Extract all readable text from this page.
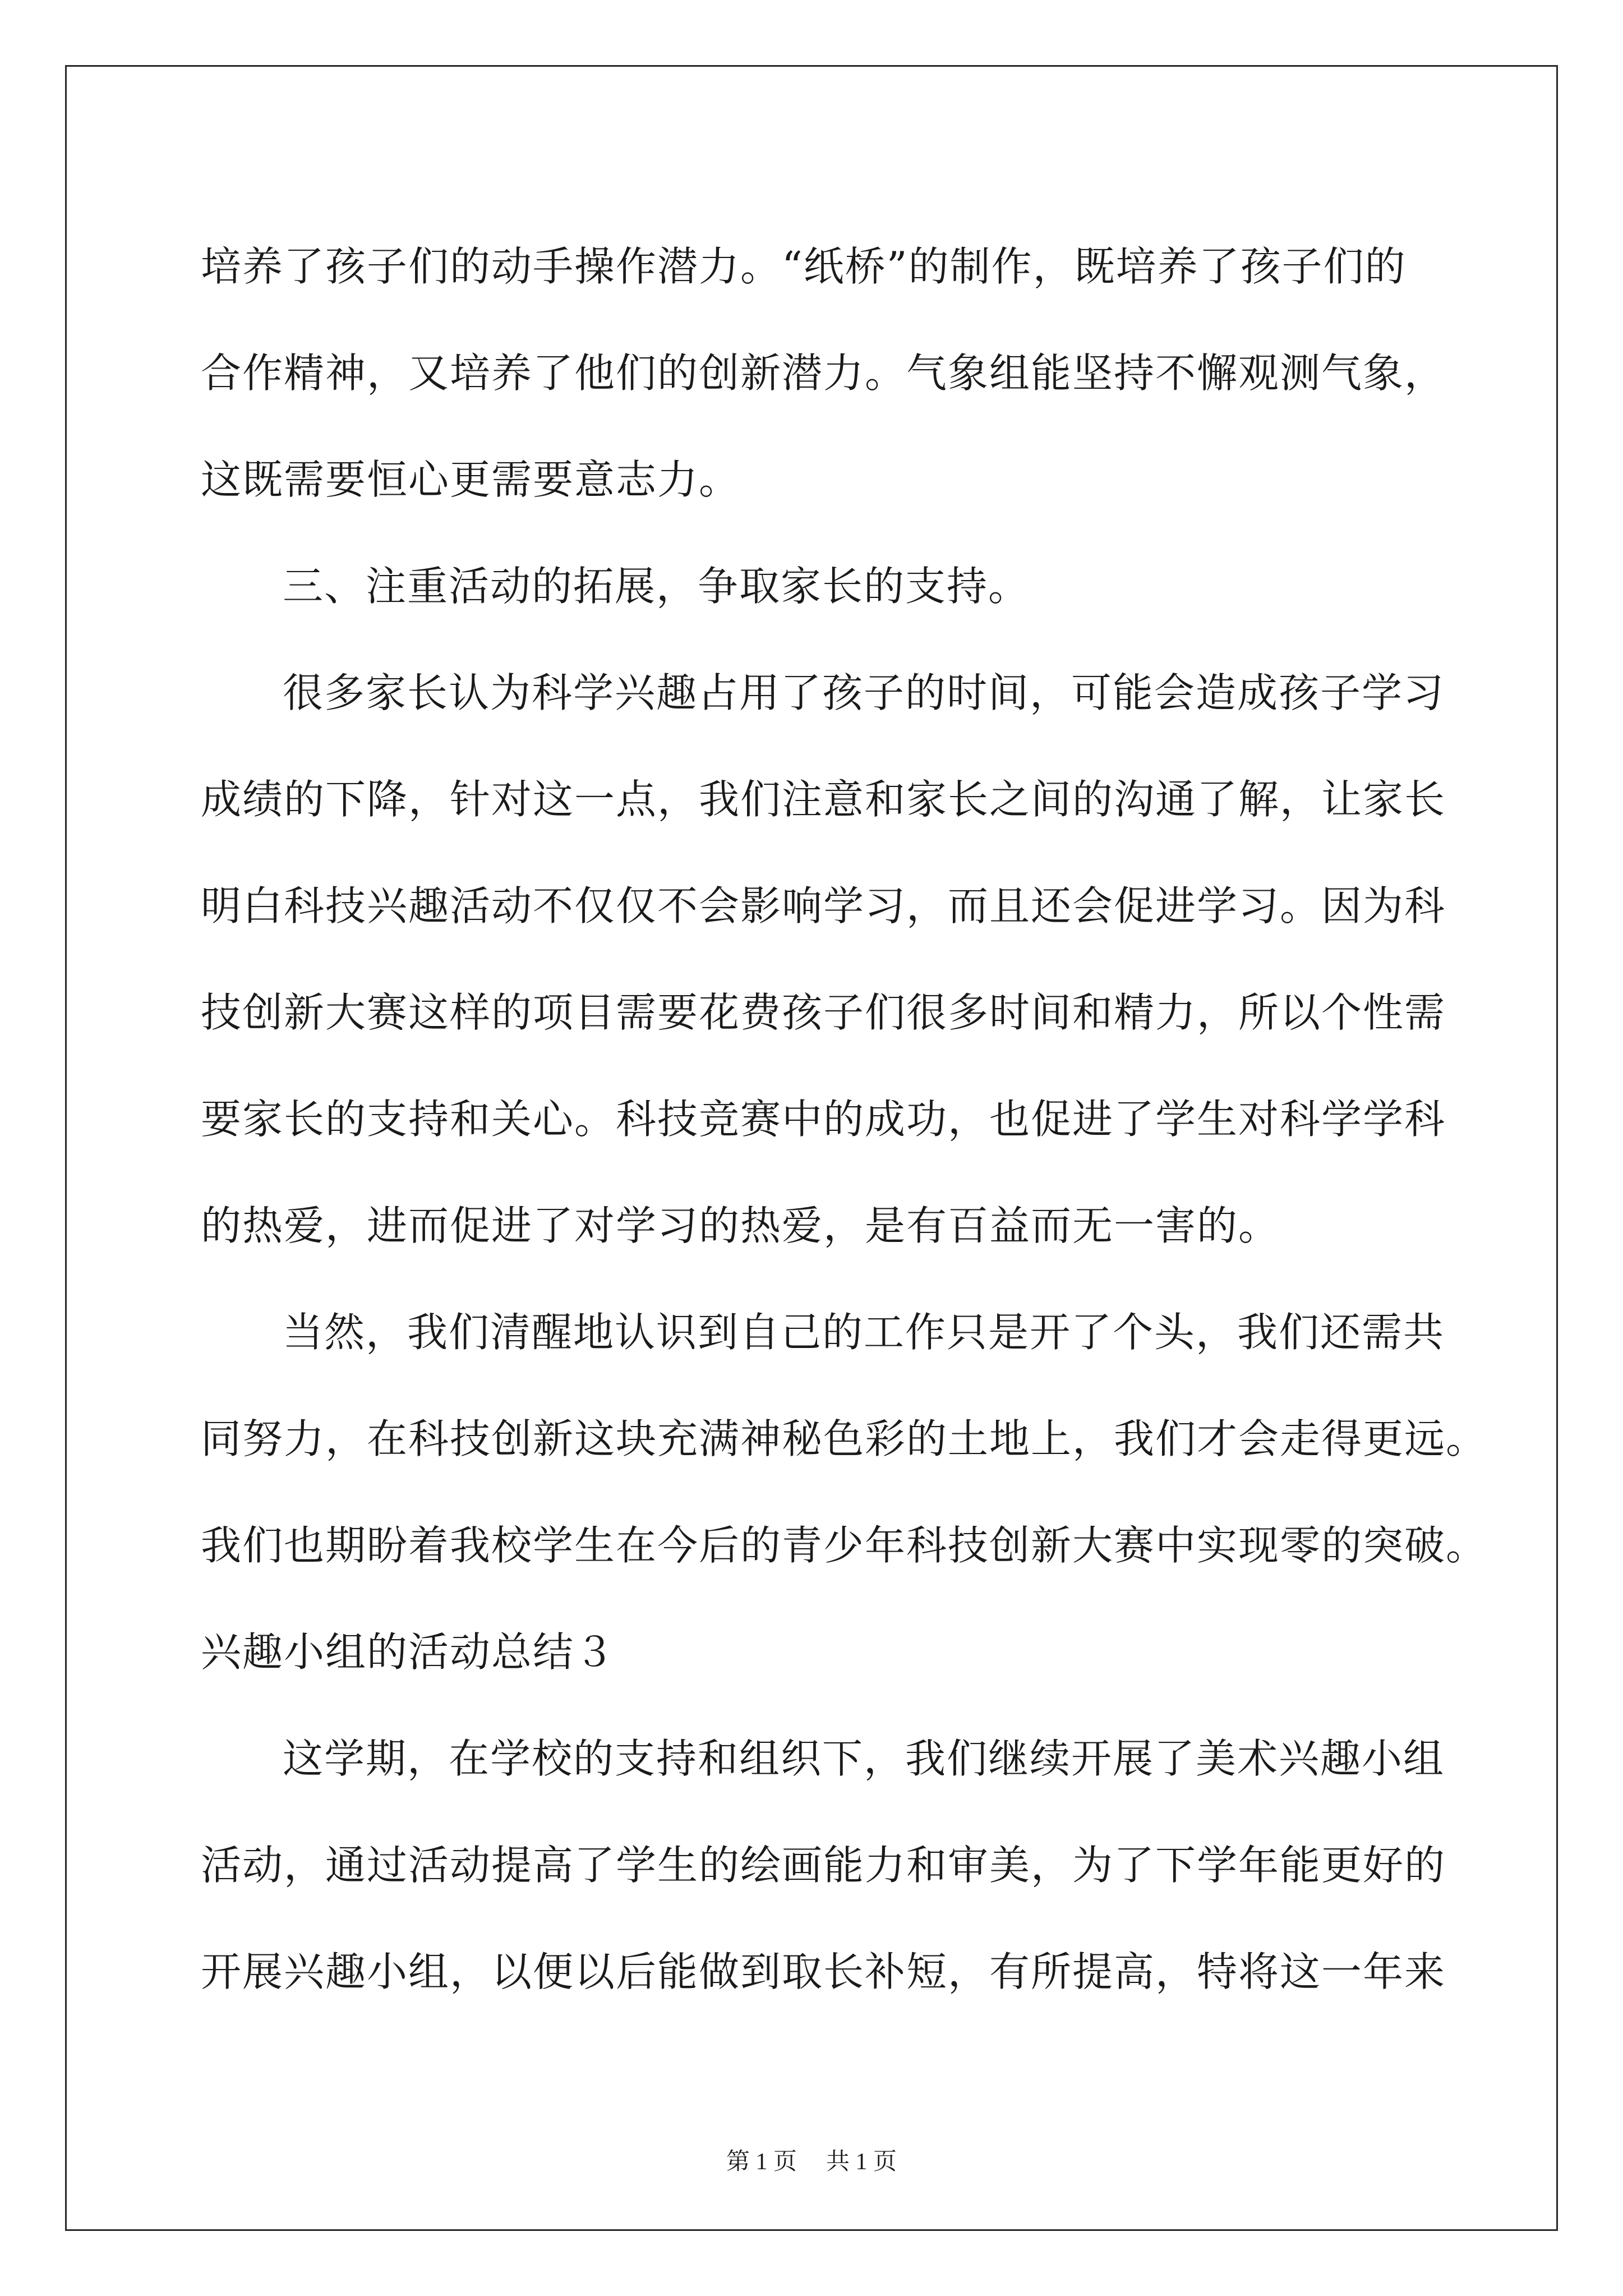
培养了孩子们的动手操作潜力。“纸桥”的制作，既培养了孩子们的
合作精神，又培养了他们的创新潜力。气象组能坚持不懈观测气象，
这既需要恒心更需要意志力。
三、注重活动的拓展，争取家长的支持。
很多家长认为科学兴趣占用了孩子的时间，可能会造成孩子学习
成绩的下降，针对这一点，我们注意和家长之间的沟通了解，让家长
明白科技兴趣活动不仅仅不会影响学习，而且还会促进学习。因为科
技创新大赛这样的项目需要花费孩子们很多时间和精力，所以个性需
要家长的支持和关心。科技竞赛中的成功，也促进了学生对科学学科
的热爱，进而促进了对学习的热爱，是有百益而无一害的。
当然，我们清醒地认识到自己的工作只是开了个头，我们还需共
同努力，在科技创新这块充满神秘色彩的土地上，我们才会走得更远。
我们也期盼着我校学生在今后的青少年科技创新大赛中实现零的突破。
兴趣小组的活动总结３
这学期，在学校的支持和组织下，我们继续开展了美术兴趣小组
活动，通过活动提高了学生的绘画能力和审美，为了下学年能更好的
开展兴趣小组，以便以后能做到取长补短，有所提高，特将这一年来
第 1 页 共 1 页
